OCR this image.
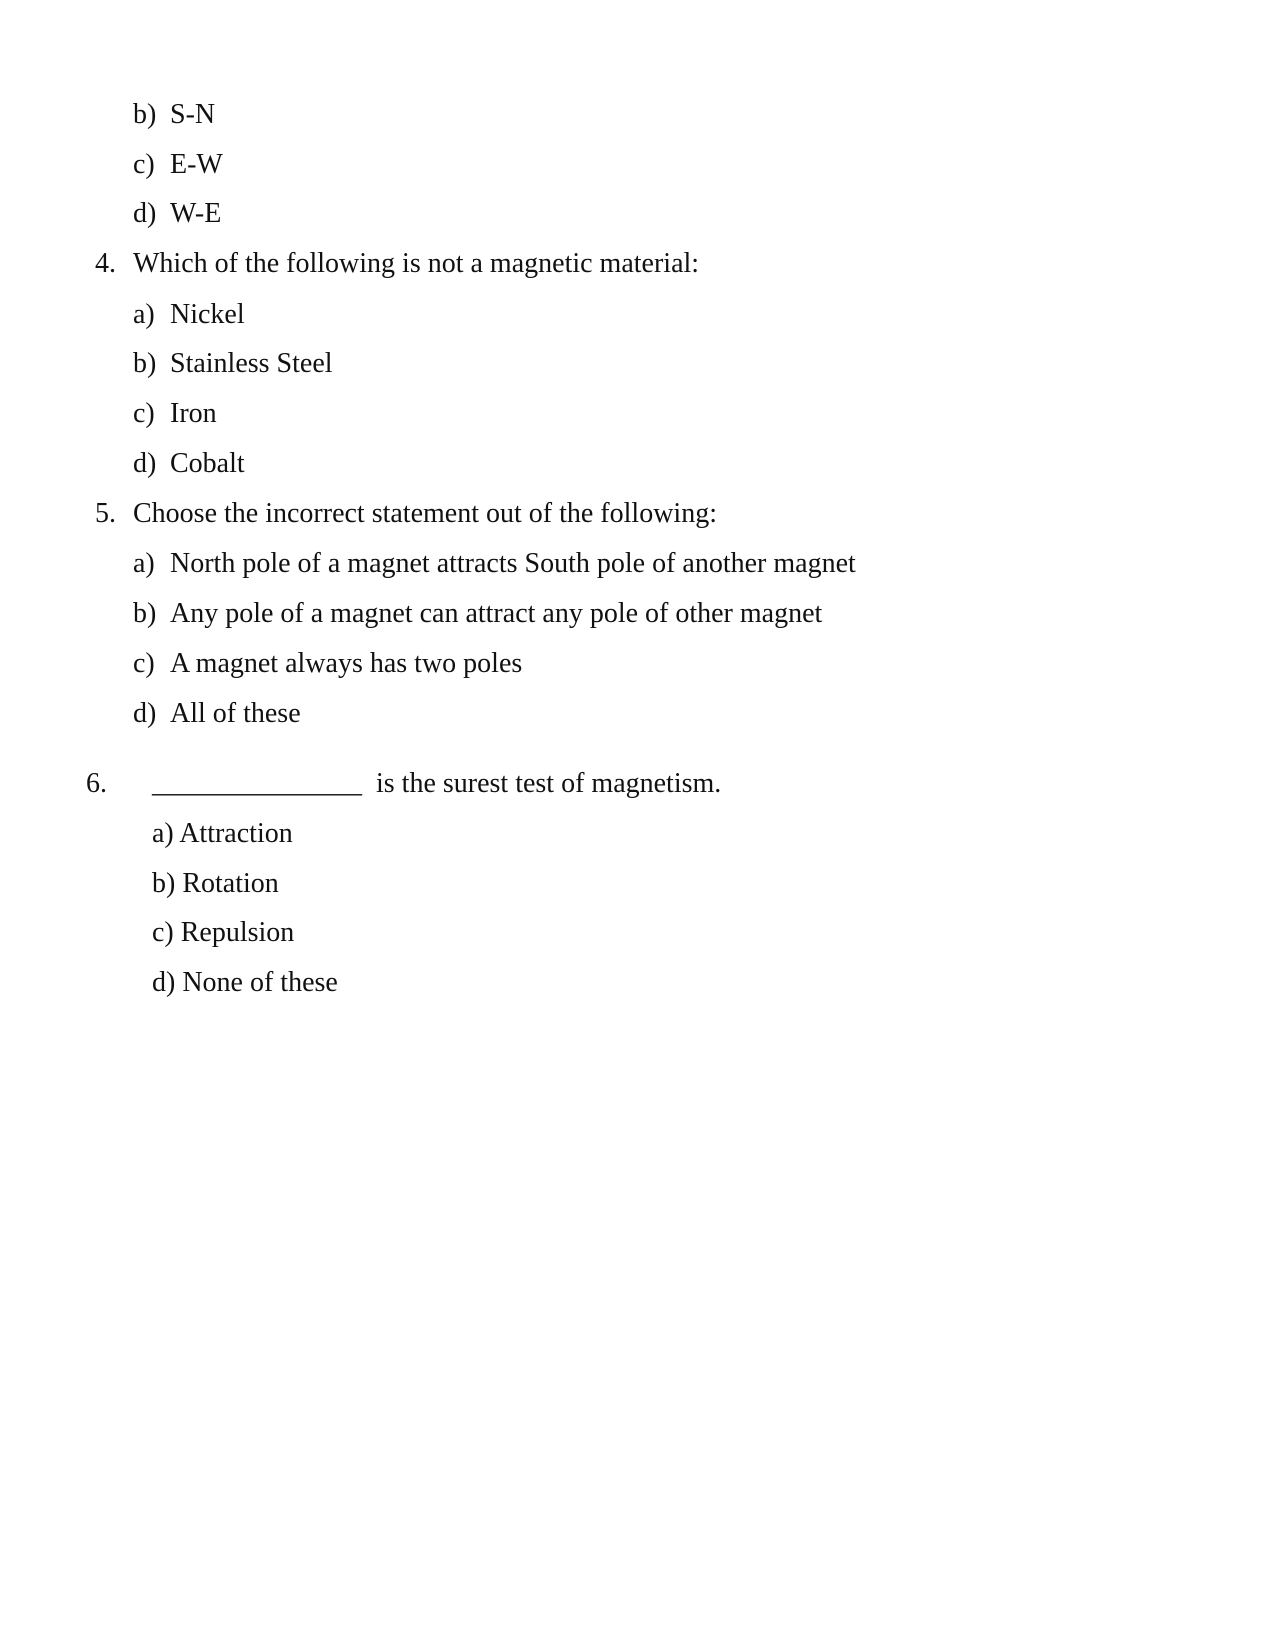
b) S-N
c) E-W
d) W-E
4. Which of the following is not a magnetic material:
a) Nickel
b) Stainless Steel
c) Iron
d) Cobalt
5. Choose the incorrect statement out of the following:
a) North pole of a magnet attracts South pole of another magnet
b) Any pole of a magnet can attract any pole of other magnet
c) A magnet always has two poles
d) All of these
6. _______________ is the surest test of magnetism.
a) Attraction
b) Rotation
c) Repulsion
d) None of these
